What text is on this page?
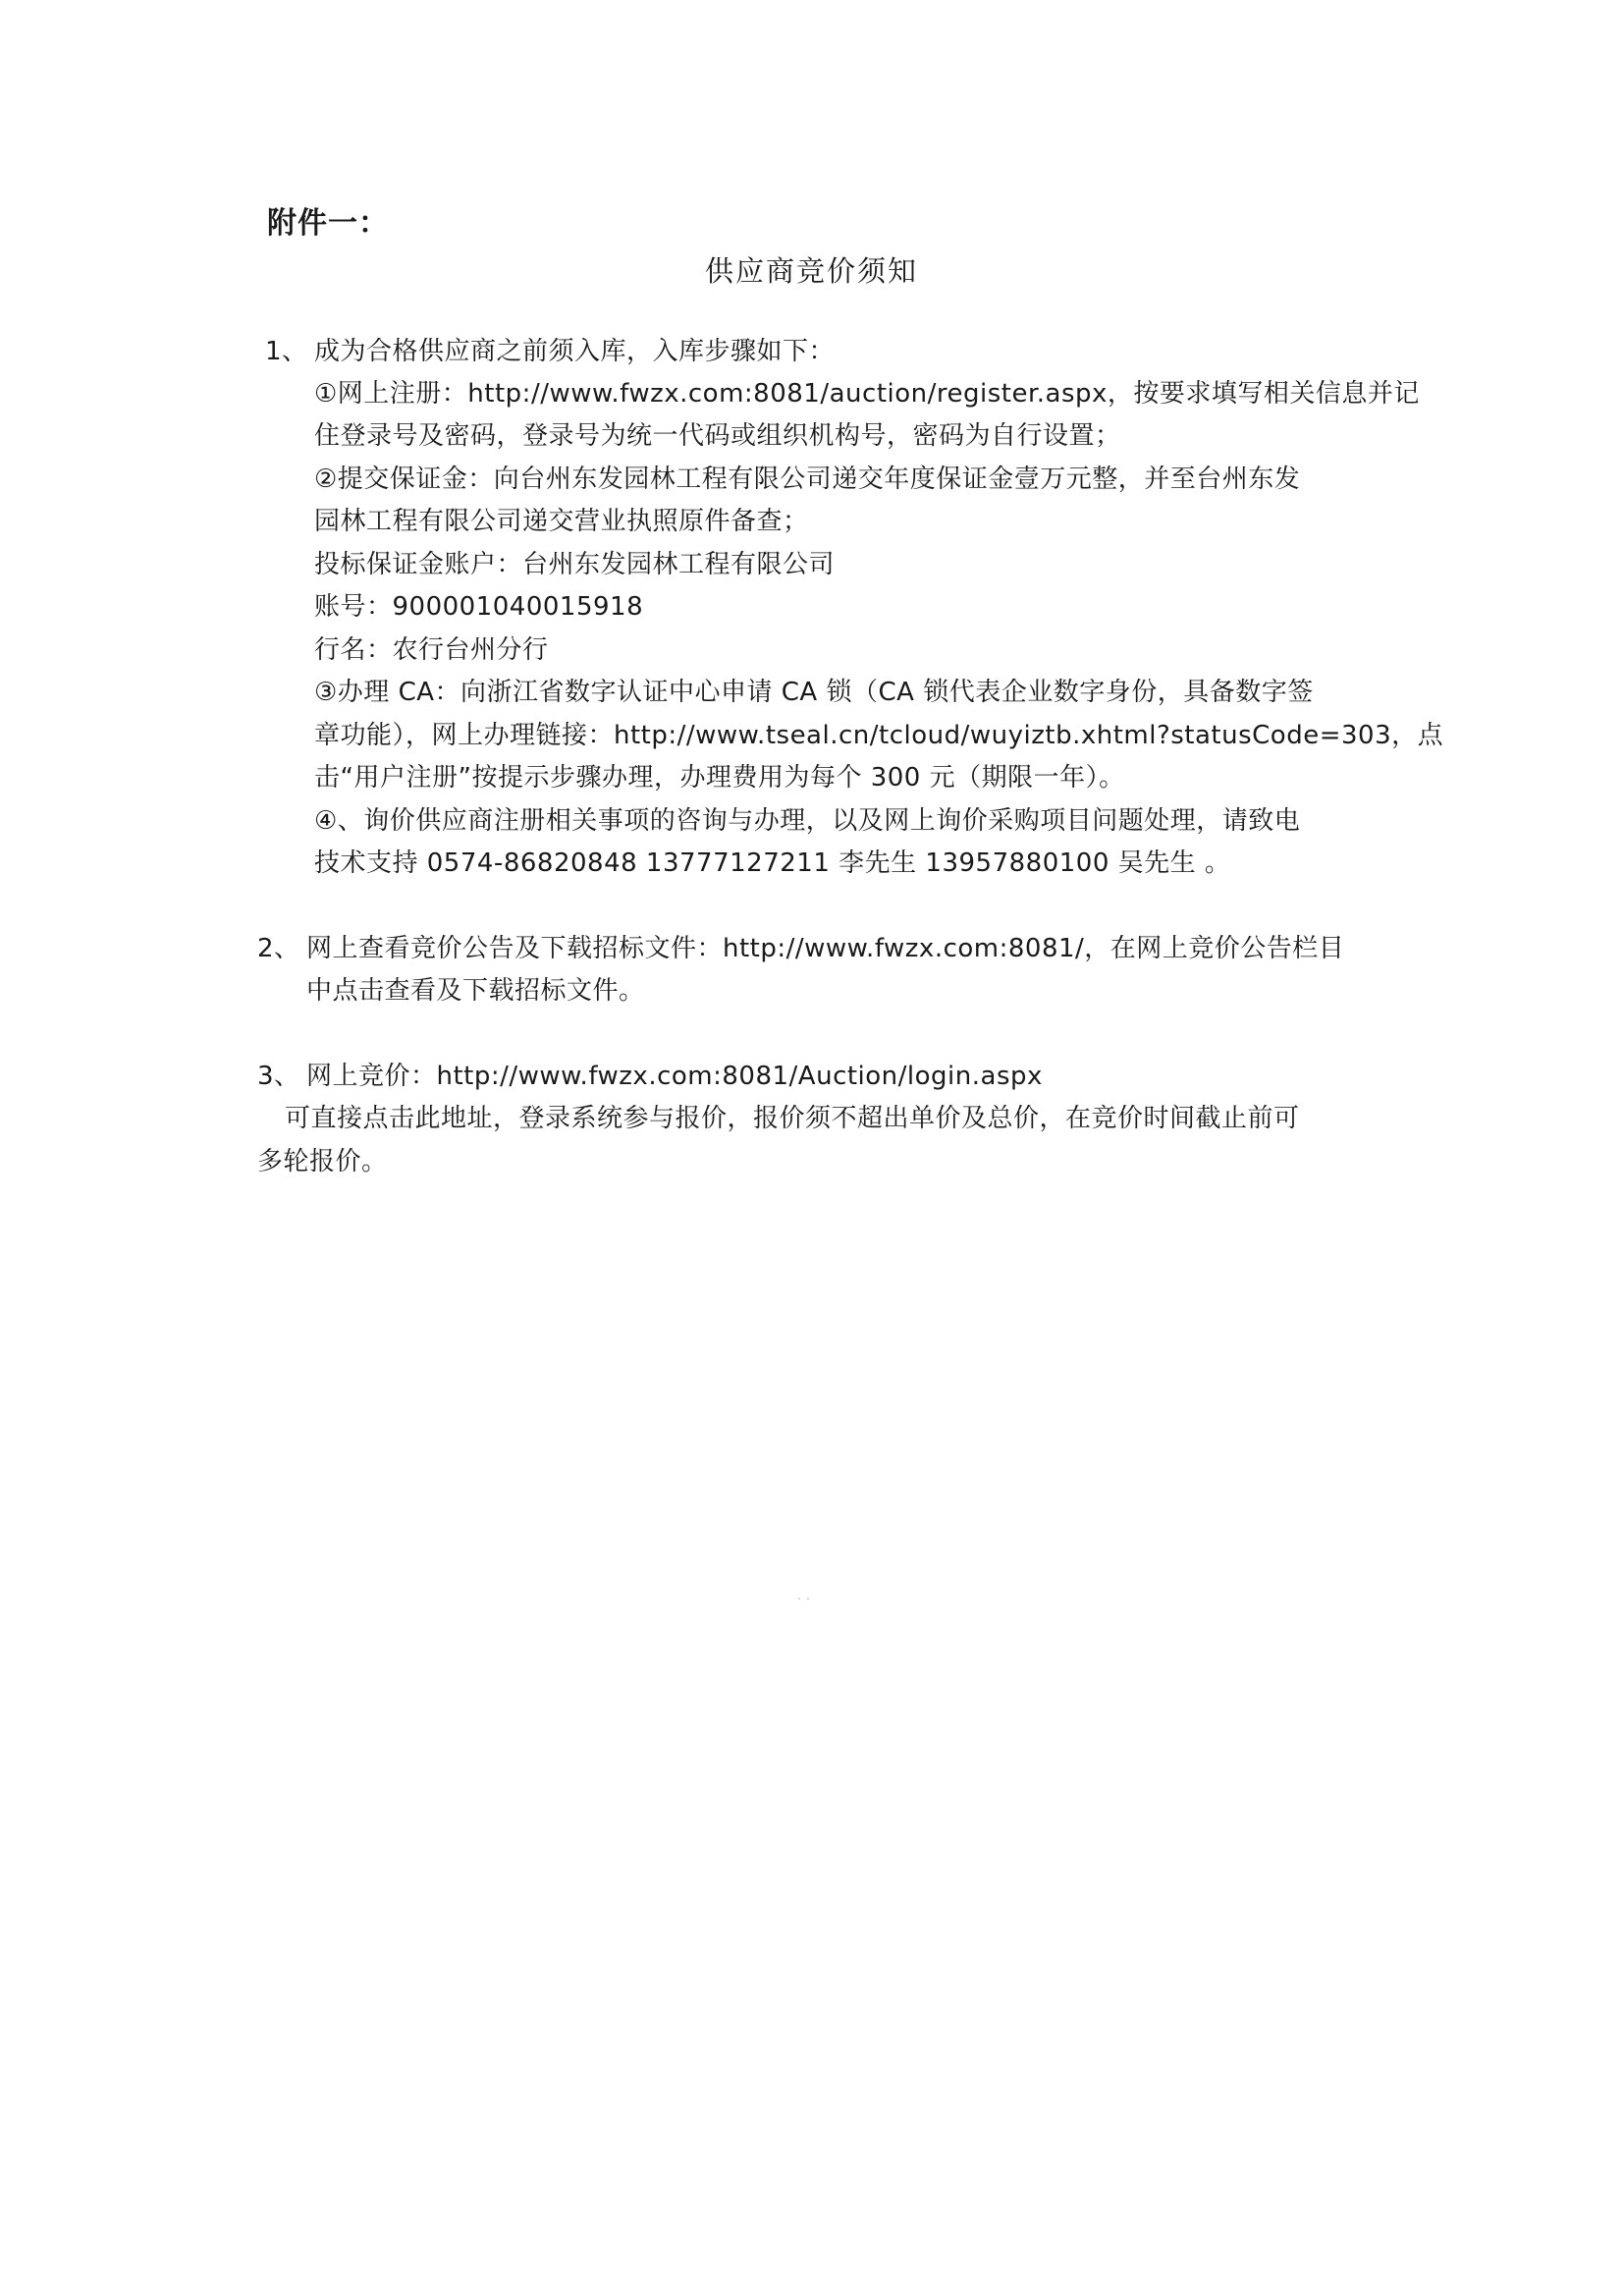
附件一：
供应商竞价须知
1、 成为合格供应商之前须入库，入库步骤如下：
①网上注册：http://www.fwzx.com:8081/auction/register.aspx，按要求填写相关信息并记
住登录号及密码，登录号为统一代码或组织机构号，密码为自行设置；
②提交保证金：向台州东发园林工程有限公司递交年度保证金壹万元整，并至台州东发
园林工程有限公司递交营业执照原件备查；
投标保证金账户：台州东发园林工程有限公司
账号：900001040015918
行名：农行台州分行
③办理 CA：向浙江省数字认证中心申请 CA 锁（CA 锁代表企业数字身份，具备数字签
章功能），网上办理链接：http://www.tseal.cn/tcloud/wuyiztb.xhtml?statusCode=303，点
击“用户注册”按提示步骤办理，办理费用为每个 300 元（期限一年）。
④、询价供应商注册相关事项的咨询与办理，以及网上询价采购项目问题处理，请致电
技术支持 0574-86820848 13777127211 李先生 13957880100 吴先生 。
2、 网上查看竞价公告及下载招标文件：http://www.fwzx.com:8081/，在网上竞价公告栏目
中点击查看及下载招标文件。
3、 网上竞价：http://www.fwzx.com:8081/Auction/login.aspx
可直接点击此地址，登录系统参与报价，报价须不超出单价及总价，在竞价时间截止前可
多轮报价。
